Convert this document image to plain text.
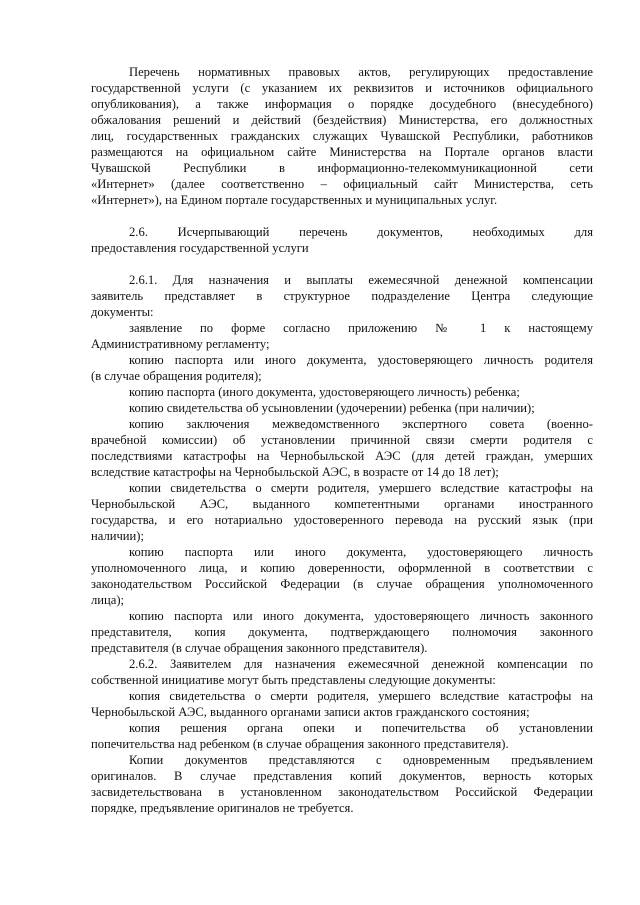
Перечень нормативных правовых актов, регулирующих предоставление
государственной услуги (с указанием их реквизитов и источников официального
опубликования), а также информация о порядке досудебного (внесудебного)
обжалования решений и действий (бездействия) Министерства, его должностных
лиц, государственных гражданских служащих Чувашской Республики, работников
размещаются на официальном сайте Министерства на Портале органов власти
Чувашской Республики в информационно-телекоммуникационной сети
«Интернет» (далее соответственно – официальный сайт Министерства, сеть
«Интернет»), на Едином портале государственных и муниципальных услуг.
2.6. Исчерпывающий перечень документов, необходимых для
предоставления государственной услуги
2.6.1. Для назначения и выплаты ежемесячной денежной компенсации
заявитель представляет в структурное подразделение Центра следующие
документы:
заявление по форме согласно приложению № 1 к настоящему
Административному регламенту;
копию паспорта или иного документа, удостоверяющего личность родителя
(в случае обращения родителя);
копию паспорта (иного документа, удостоверяющего личность) ребенка;
копию свидетельства об усыновлении (удочерении) ребенка (при наличии);
копию заключения межведомственного экспертного совета (военно-
врачебной комиссии) об установлении причинной связи смерти родителя с
последствиями катастрофы на Чернобыльской АЭС (для детей граждан, умерших
вследствие катастрофы на Чернобыльской АЭС, в возрасте от 14 до 18 лет);
копии свидетельства о смерти родителя, умершего вследствие катастрофы на
Чернобыльской АЭС, выданного компетентными органами иностранного
государства, и его нотариально удостоверенного перевода на русский язык (при
наличии);
копию паспорта или иного документа, удостоверяющего личность
уполномоченного лица, и копию доверенности, оформленной в соответствии с
законодательством Российской Федерации (в случае обращения уполномоченного
лица);
копию паспорта или иного документа, удостоверяющего личность законного
представителя, копия документа, подтверждающего полномочия законного
представителя (в случае обращения законного представителя).
2.6.2. Заявителем для назначения ежемесячной денежной компенсации по
собственной инициативе могут быть представлены следующие документы:
копия свидетельства о смерти родителя, умершего вследствие катастрофы на
Чернобыльской АЭС, выданного органами записи актов гражданского состояния;
копия решения органа опеки и попечительства об установлении
попечительства над ребенком (в случае обращения законного представителя).
Копии документов представляются с одновременным предъявлением
оригиналов. В случае представления копий документов, верность которых
засвидетельствована в установленном законодательством Российской Федерации
порядке, предъявление оригиналов не требуется.
